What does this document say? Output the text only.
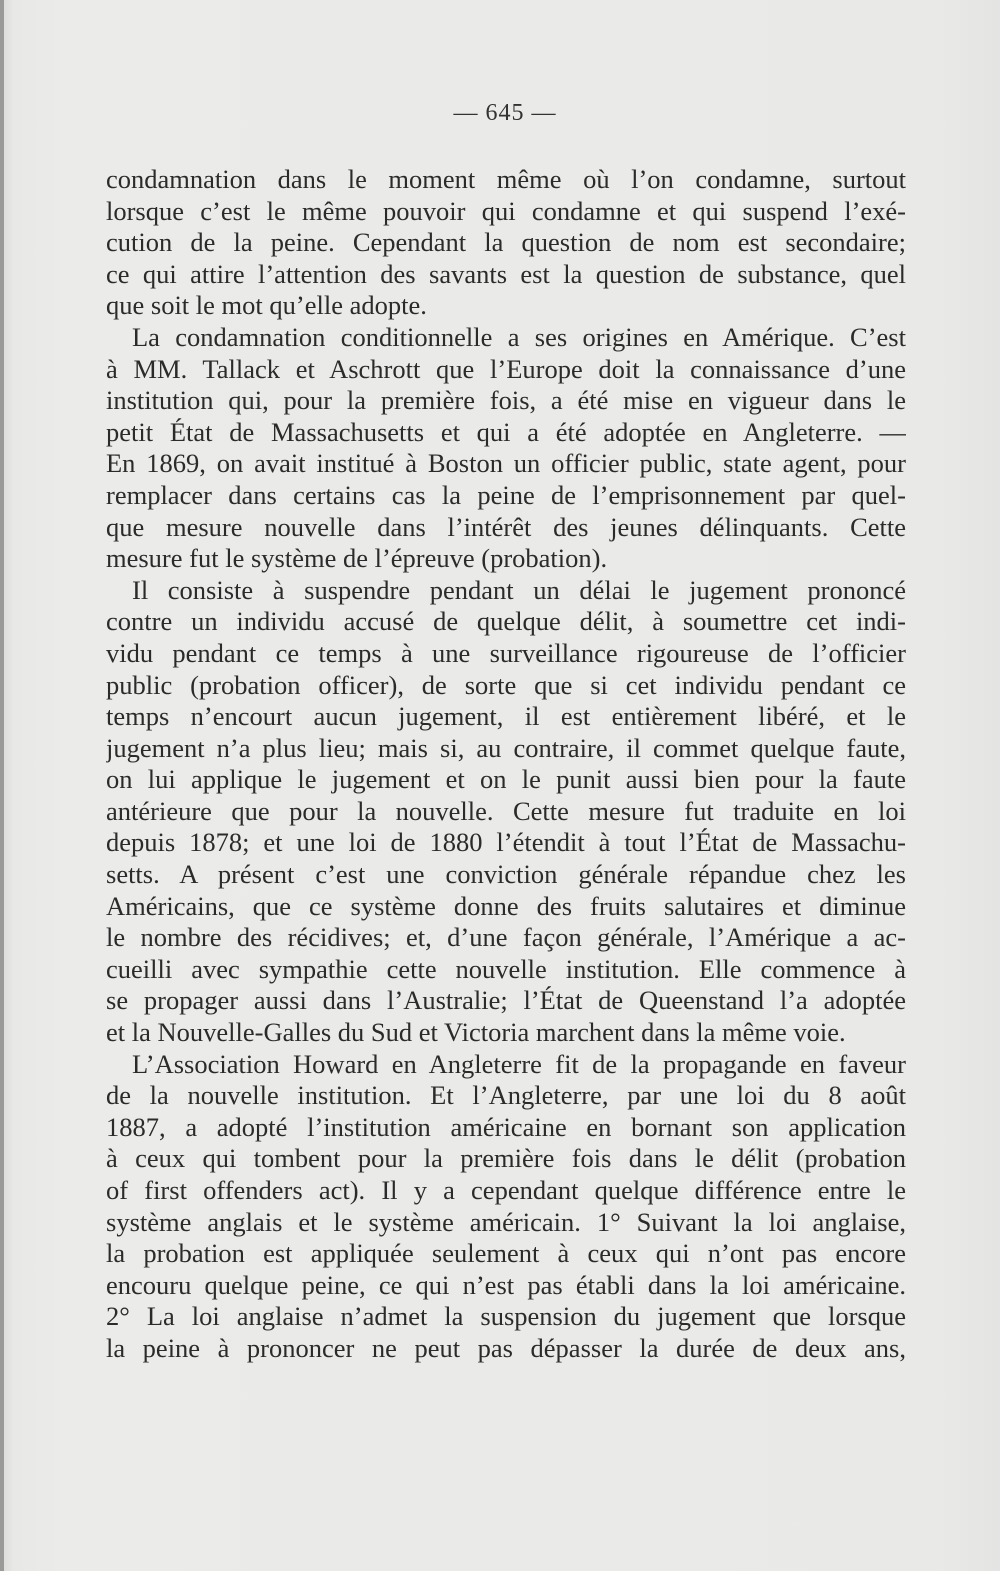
— 645 —
condamnation dans le moment même où l’on condamne, surtout
lorsque c’est le même pouvoir qui condamne et qui suspend l’exé-
cution de la peine. Cependant la question de nom est secondaire;
ce qui attire l’attention des savants est la question de substance, quel
que soit le mot qu’elle adopte.
La condamnation conditionnelle a ses origines en Amérique. C’est
à MM. Tallack et Aschrott que l’Europe doit la connaissance d’une
institution qui, pour la première fois, a été mise en vigueur dans le
petit État de Massachusetts et qui a été adoptée en Angleterre. —
En 1869, on avait institué à Boston un officier public, state agent, pour
remplacer dans certains cas la peine de l’emprisonnement par quel-
que mesure nouvelle dans l’intérêt des jeunes délinquants. Cette
mesure fut le système de l’épreuve (probation).
Il consiste à suspendre pendant un délai le jugement prononcé
contre un individu accusé de quelque délit, à soumettre cet indi-
vidu pendant ce temps à une surveillance rigoureuse de l’officier
public (probation officer), de sorte que si cet individu pendant ce
temps n’encourt aucun jugement, il est entièrement libéré, et le
jugement n’a plus lieu; mais si, au contraire, il commet quelque faute,
on lui applique le jugement et on le punit aussi bien pour la faute
antérieure que pour la nouvelle. Cette mesure fut traduite en loi
depuis 1878; et une loi de 1880 l’étendit à tout l’État de Massachu-
setts. A présent c’est une conviction générale répandue chez les
Américains, que ce système donne des fruits salutaires et diminue
le nombre des récidives; et, d’une façon générale, l’Amérique a ac-
cueilli avec sympathie cette nouvelle institution. Elle commence à
se propager aussi dans l’Australie; l’État de Queenstand l’a adoptée
et la Nouvelle-Galles du Sud et Victoria marchent dans la même voie.
L’Association Howard en Angleterre fit de la propagande en faveur
de la nouvelle institution. Et l’Angleterre, par une loi du 8 août
1887, a adopté l’institution américaine en bornant son application
à ceux qui tombent pour la première fois dans le délit (probation
of first offenders act). Il y a cependant quelque différence entre le
système anglais et le système américain. 1° Suivant la loi anglaise,
la probation est appliquée seulement à ceux qui n’ont pas encore
encouru quelque peine, ce qui n’est pas établi dans la loi américaine.
2° La loi anglaise n’admet la suspension du jugement que lorsque
la peine à prononcer ne peut pas dépasser la durée de deux ans,
